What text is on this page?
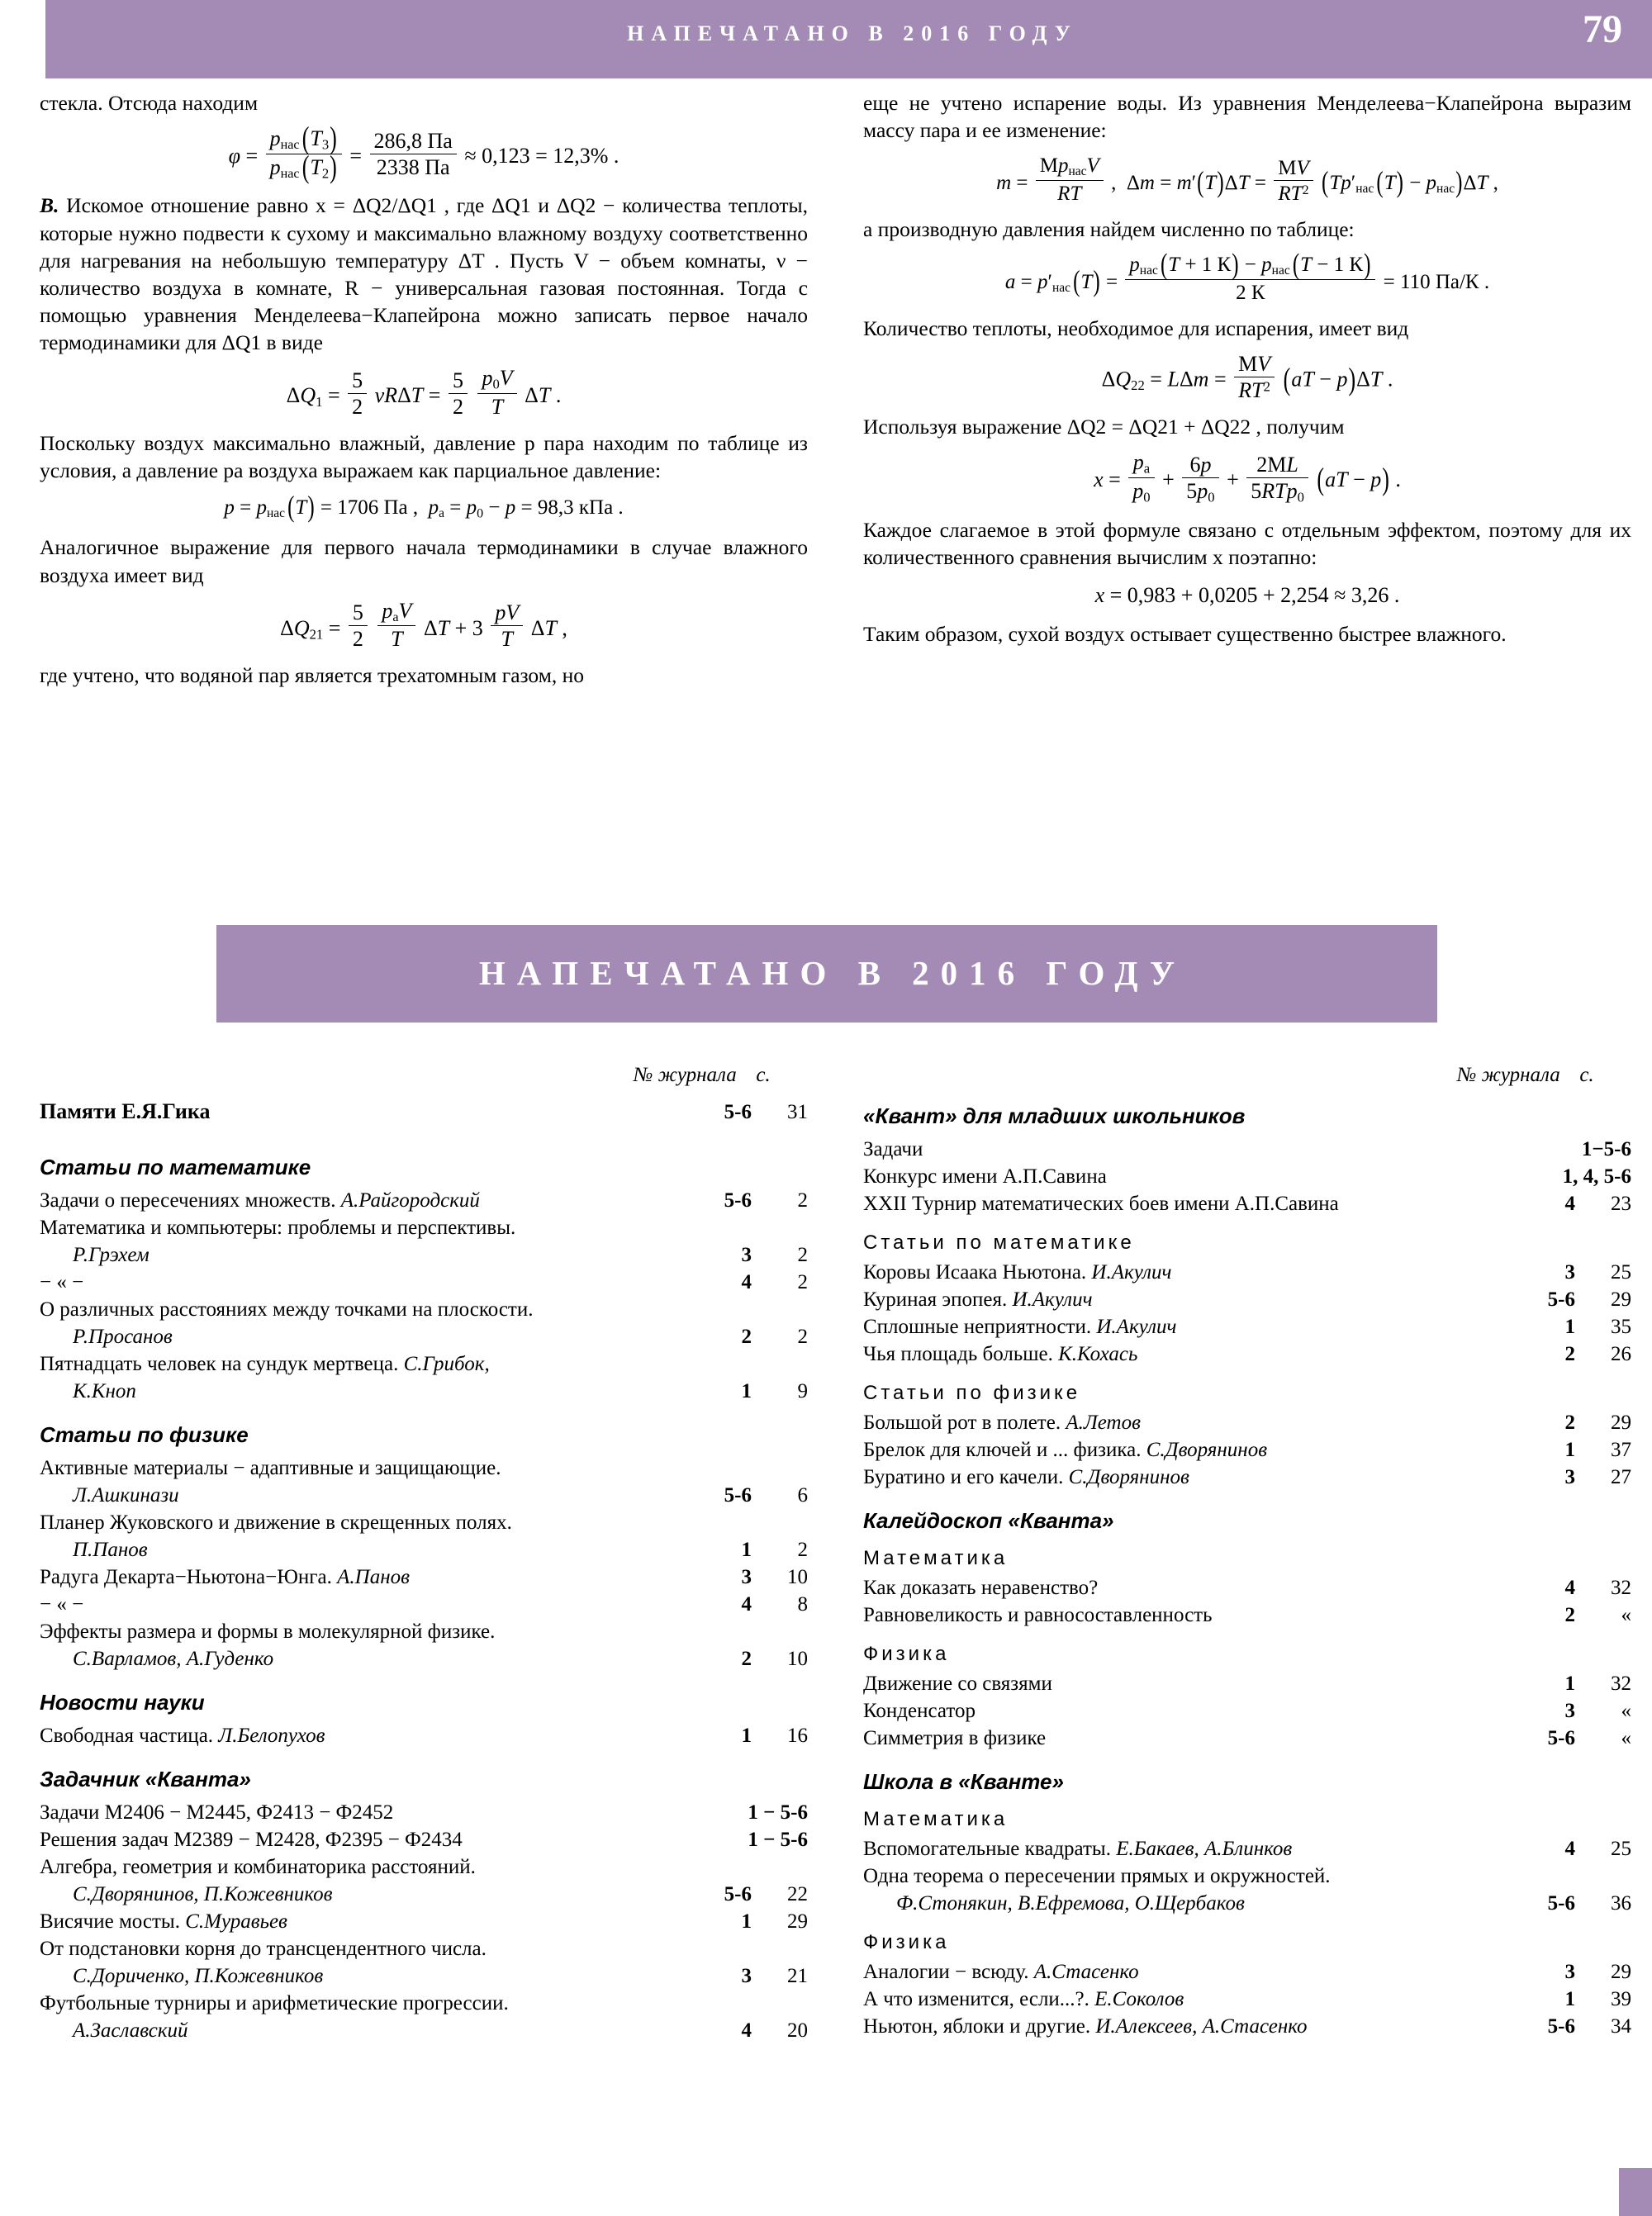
НАПЕЧАТАНО В 2016 ГОДУ	79

стекла. Отсюда находим

$\varphi = \frac{pнас (T_3)}{pнас (T_2)} = \frac{286,8 Па}{2338 Па} \approx 0,123 = 12,3\%$ .

В. Искомое отношение равно x = ΔQ2/ΔQ1 , где ΔQ1 и ΔQ2 − количества теплоты, которые нужно подвести к сухому и максимально влажному воздуху соответственно для нагревания на небольшую температуру ΔT . Пусть V − объем комнаты, ν − количество воздуха в комнате, R − универсальная газовая постоянная. Тогда с помощью уравнения Менделеева−Клапейрона можно записать первое начало термодинамики для ΔQ1 в виде

$\Delta Q_1 = \frac{5}{2}$ $\nu R\Delta T = \frac{5}{2}$
$\frac{p_0V}{T}$ ΔT .

Поскольку воздух максимально влажный, давление p пара находим по таблице из условия, а давление pa воздуха выражаем как парциальное давление:

p = pнас  (T) = 1706 Па ,  pа = $p_0 - p = 98,3$ кПа .

Аналогичное выражение для первого начала термодинамики в случае влажного воздуха имеет вид

$\Delta Q_{21} = \frac{5}{2}$
$\frac{\text{pаV}}{T}$ $\Delta T + 3 \frac{pV}{T}$ ΔT ,

где учтено, что водяной пар является трехатомным газом, но

еще не учтено испарение воды. Из уравнения Менделеева−Клапейрона выразим массу пара и ее изменение:

$m = \frac{\text{MpнасV}}{RT}$ ,  $\Delta m = m'(T)\Delta T = \frac{MV}{RT^2} (Tp'нас$  (T) − pнас)ΔT ,

а производную давления найдем численно по таблице:

a = p′нас  $(T) = \frac{\text{pнас  (T + 1 К) − pнас  (T − 1 К)}}{2 К} = 110$ Па/К .

Количество теплоты, необходимое для испарения, имеет вид

$\Delta Q_{22} = L\Delta m = \frac{MV}{RT^2} (aT - p)\Delta T$ .

Используя выражение ΔQ2 = ΔQ21 + ΔQ22 , получим

$x = \frac{p_a}{p_0} + \frac{6p}{5p_0} + \frac{2ML}{5RTp_0} (aT - p)$ .

Каждое слагаемое в этой формуле связано с отдельным эффектом, поэтому для их количественного сравнения вычислим x поэтапно:

x = 0,983 + 0,0205 + 2,254 ≈ 3,26 .

Таким образом, сухой воздух остывает существенно быстрее влажного.

НАПЕЧАТАНО В 2016 ГОДУ
№ журнала с.
Памяти Е.Я.Гика	5-6	31
Статьи по математике
Задачи о пересечениях множеств. А.Райгородский	5-6	2
Математика и компьютеры: проблемы и перспективы.
Р.Грэхем	3	2
− « −	4	2
О различных расстояниях между точками на плоскости.
Р.Просанов	2	2
Пятнадцать человек на сундук мертвеца. С.Грибок,
К.Кноп	1	9
Статьи по физике
Активные материалы − адаптивные и защищающие.
Л.Ашкинази	5-6	6
Планер Жуковского и движение в скрещенных полях.
П.Панов	1	2
Радуга Декарта−Ньютона−Юнга. А.Панов	3	10
− « −	4	8
Эффекты размера и формы в молекулярной физике.
С.Варламов, А.Гуденко	2	10
Новости науки
Свободная частица. Л.Белопухов	1	16
Задачник «Кванта»
Задачи М2406 − М2445, Ф2413 − Ф2452	1 − 5-6
Решения задач М2389 − М2428, Ф2395 − Ф2434	1 − 5-6
Алгебра, геометрия и комбинаторика расстояний.
С.Дворянинов, П.Кожевников	5-6	22
Висячие мосты. С.Муравьев	1	29
От подстановки корня до трансцендентного числа.
С.Дориченко, П.Кожевников	3	21
Футбольные турниры и арифметические прогрессии.
А.Заславский	4	20
№ журнала с.
«Квант» для младших школьников
Задачи	1−5-6
Конкурс имени А.П.Савина	1, 4, 5-6
XXII Турнир математических боев имени А.П.Савина	4	23
Статьи по математике
Коровы Исаака Ньютона. И.Акулич	3	25
Куриная эпопея. И.Акулич	5-6	29
Сплошные неприятности. И.Акулич	1	35
Чья площадь больше. К.Кохась	2	26
Статьи по физике
Большой рот в полете. А.Летов	2	29
Брелок для ключей и ... физика. С.Дворянинов	1	37
Буратино и его качели. С.Дворянинов	3	27
Калейдоскоп «Кванта»
Математика
Как доказать неравенство?	4	32
Равновеликость и равносоставленность	2	«
Физика
Движение со связями	1	32
Конденсатор	3	«
Симметрия в физике	5-6	«
Школа в «Кванте»
Математика
Вспомогательные квадраты. Е.Бакаев, А.Блинков	4	25
Одна теорема о пересечении прямых и окружностей.
Ф.Стонякин, В.Ефремова, О.Щербаков	5-6	36
Физика
Аналогии − всюду. А.Стасенко	3	29
А что изменится, если...?. Е.Соколов	1	39
Ньютон, яблоки и другие. И.Алексеев, А.Стасенко	5-6	34
